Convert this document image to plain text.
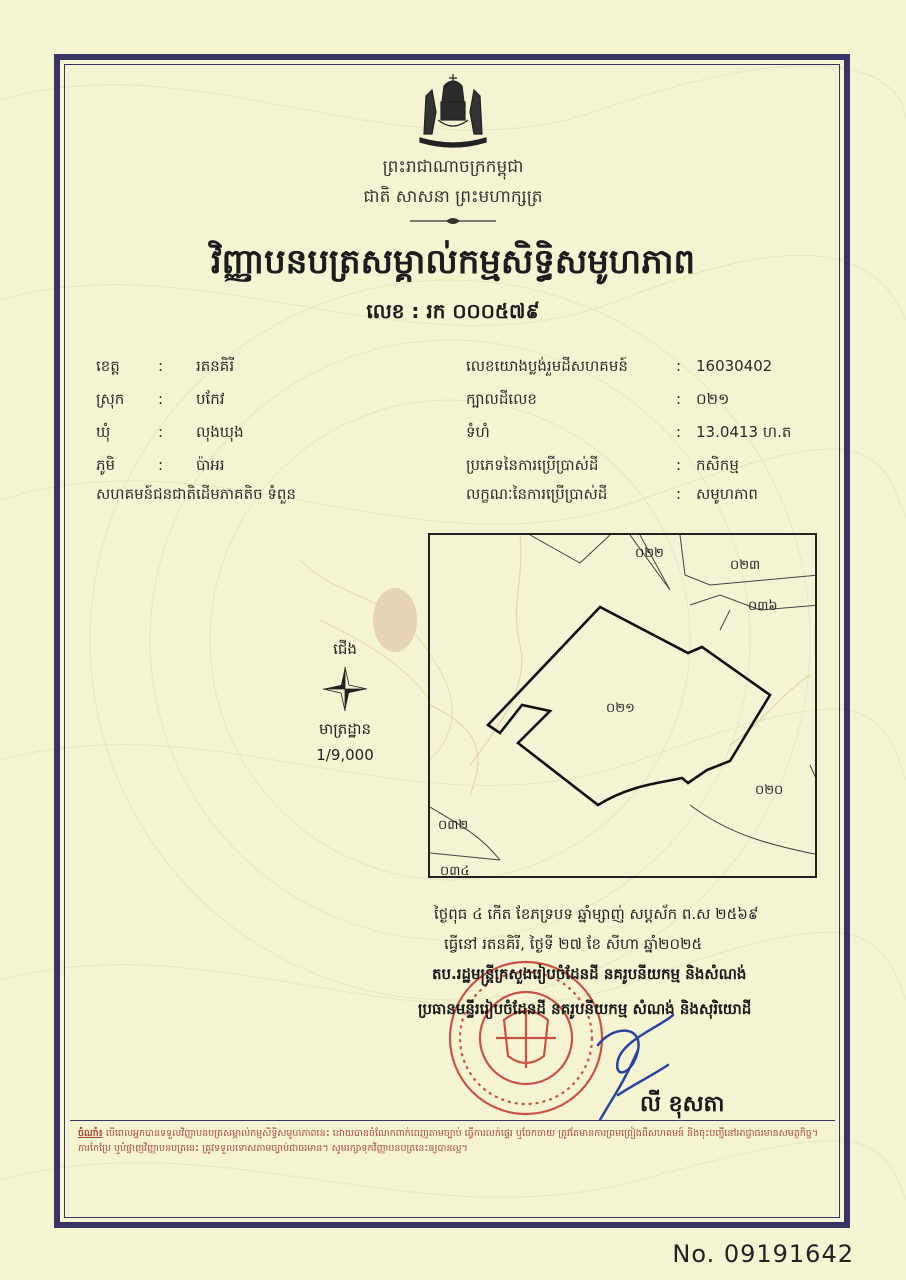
ព្រះរាជាណាចក្រកម្ពុជា
ជាតិ សាសនា ព្រះមហាក្សត្រ
វិញ្ញាបនបត្រសម្គាល់កម្មសិទ្ធិសមូហភាព
លេខ : រក ០០០៥៧៩
ខេត្ត	: រតនគិរី
ស្រុក : បកែវ
ឃុំ	: លុងឃុង
ភូមិ	: ប៉ាអរ
សហគមន៍ជនជាតិដើមភាគតិច ទំពួន
លេខយោងប្លង់រួមដីសហគមន៍	: 16030402
ក្បាលដីលេខ	: ០២១
ទំហំ	: 13.0413 ហ.ត
ប្រភេទនៃការប្រើប្រាស់ដី	: កសិកម្ម
លក្ខណៈនៃការប្រើប្រាស់ដី	: សមូហភាព
ជើង
មាត្រដ្ឋាន
1/9,000
០២២
០២៣
០៣៦
០២១
០២០
០៣២
០៣៤
ថ្ងៃពុធ ៤ កើត ខែភទ្របទ ឆ្នាំម្សាញ់ សប្តស័ក ព.ស ២៥៦៩
ធ្វើនៅ រតនគិរី, ថ្ងៃទី ២៧ ខែ សីហា ឆ្នាំ២០២៥
តប.រដ្ឋមន្ត្រីក្រសួងរៀបចំដែនដី នគរូបនីយកម្ម និងសំណង់
ប្រធានមន្ទីររៀបចំដែនដី នគរូបនីយកម្ម សំណង់ និងសុរិយោដី
លី ខុសតា
ចំណាំ៖ បើពេលអ្នកបានទទួលវិញ្ញាបនបត្រសម្គាល់កម្មសិទ្ធិសមូហភាពនេះ ដោយបានចំណែកពាក់ពេញតាមច្បាប់ ធ្វើការលក់ផ្ទេរ ឬចែកចាយ ត្រូវតែមានការព្រមព្រៀងពីសហគមន៍ និងចុះបញ្ជីនៅអាជ្ញាធរមានសមត្ថកិច្ច។ ការកែប្រែ ឬបំផ្លាញវិញ្ញាបនបត្រនេះ ត្រូវទទួលទោសតាមច្បាប់ជាធរមាន។ សូមរក្សាទុកវិញ្ញាបនបត្រនេះឲ្យបានល្អ។
No. 09191642
